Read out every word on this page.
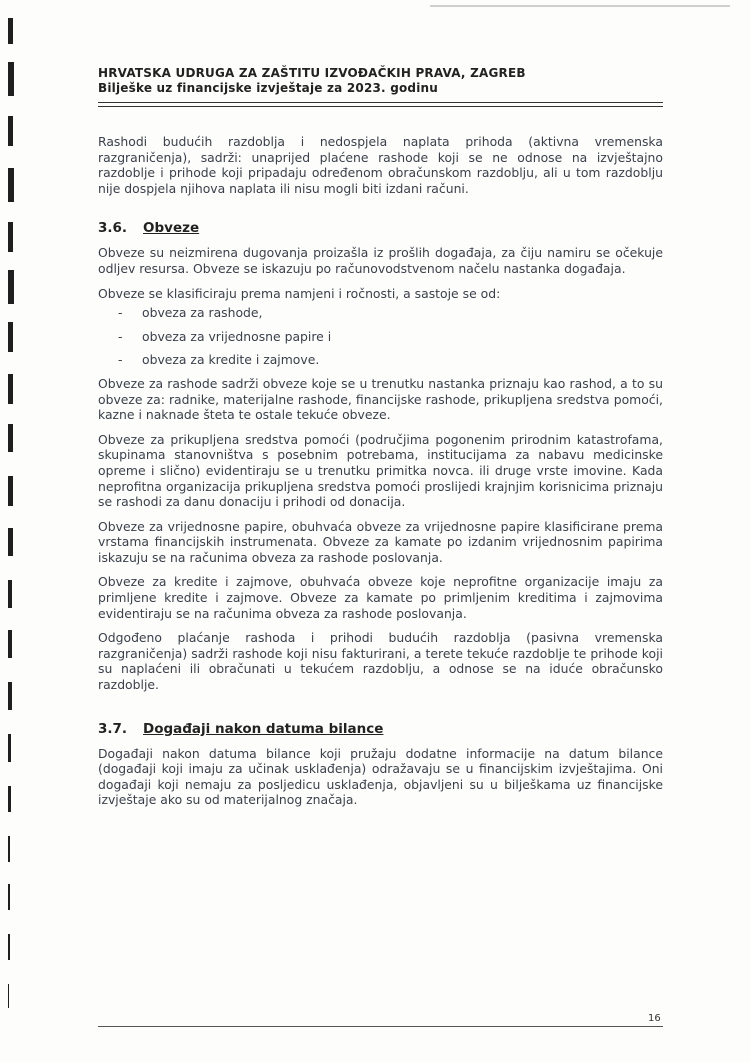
HRVATSKA UDRUGA ZA ZAŠTITU IZVOĐAČKIH PRAVA, ZAGREB
Bilješke uz financijske izvještaje za 2023. godinu

Rashodi budućih razdoblja i nedospjela naplata prihoda (aktivna vremenska razgraničenja), sadrži: unaprijed plaćene rashode koji se ne odnose na izvještajno razdoblje i prihode koji pripadaju određenom obračunskom razdoblju, ali u tom razdoblju nije dospjela njihova naplata ili nisu mogli biti izdani računi.

3.6.	Obveze

Obveze su neizmirena dugovanja proizašla iz prošlih događaja, za čiju namiru se očekuje odljev resursa. Obveze se iskazuju po računovodstvenom načelu nastanka događaja.

Obveze se klasificiraju prema namjeni i ročnosti, a sastoje se od:

- obveza za rashode,
- obveza za vrijednosne papire i
- obveza za kredite i zajmove.

Obveze za rashode sadrži obveze koje se u trenutku nastanka priznaju kao rashod, a to su obveze za: radnike, materijalne rashode, financijske rashode, prikupljena sredstva pomoći, kazne i naknade šteta te ostale tekuće obveze.

Obveze za prikupljena sredstva pomoći (područjima pogonenim prirodnim katastrofama, skupinama stanovništva s posebnim potrebama, institucijama za nabavu medicinske opreme i slično) evidentiraju se u trenutku primitka novca. ili druge vrste imovine. Kada neprofitna organizacija prikupljena sredstva pomoći proslijedi krajnjim korisnicima priznaju se rashodi za danu donaciju i prihodi od donacija.

Obveze za vrijednosne papire, obuhvaća obveze za vrijednosne papire klasificirane prema vrstama financijskih instrumenata. Obveze za kamate po izdanim vrijednosnim papirima iskazuju se na računima obveza za rashode poslovanja.

Obveze za kredite i zajmove, obuhvaća obveze koje neprofitne organizacije imaju za primljene kredite i zajmove. Obveze za kamate po primljenim kreditima i zajmovima evidentiraju se na računima obveza za rashode poslovanja.

Odgođeno plaćanje rashoda i prihodi budućih razdoblja (pasivna vremenska razgraničenja) sadrži rashode koji nisu fakturirani, a terete tekuće razdoblje te prihode koji su naplaćeni ili obračunati u tekućem razdoblju, a odnose se na iduće obračunsko razdoblje.

3.7.	Događaji nakon datuma bilance

Događaji nakon datuma bilance koji pružaju dodatne informacije na datum bilance (događaji koji imaju za učinak usklađenja) odražavaju se u financijskim izvještajima. Oni događaji koji nemaju za posljedicu usklađenja, objavljeni su u bilješkama uz financijske izvještaje ako su od materijalnog značaja.

16
